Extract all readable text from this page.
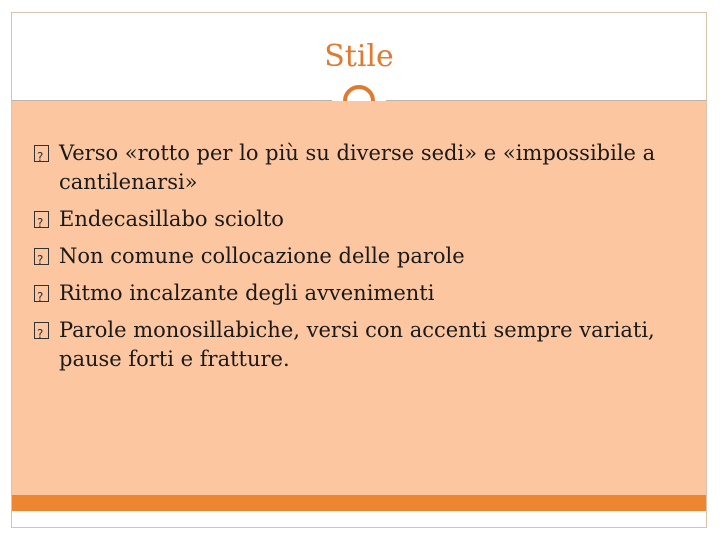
Stile
?
Verso «rotto per lo più su diverse sedi» e «impossibile a cantilenarsi»
?
Endecasillabo sciolto
?
Non comune collocazione delle parole
?
Ritmo incalzante degli avvenimenti
?
Parole monosillabiche, versi con accenti sempre variati, pause forti e fratture.
